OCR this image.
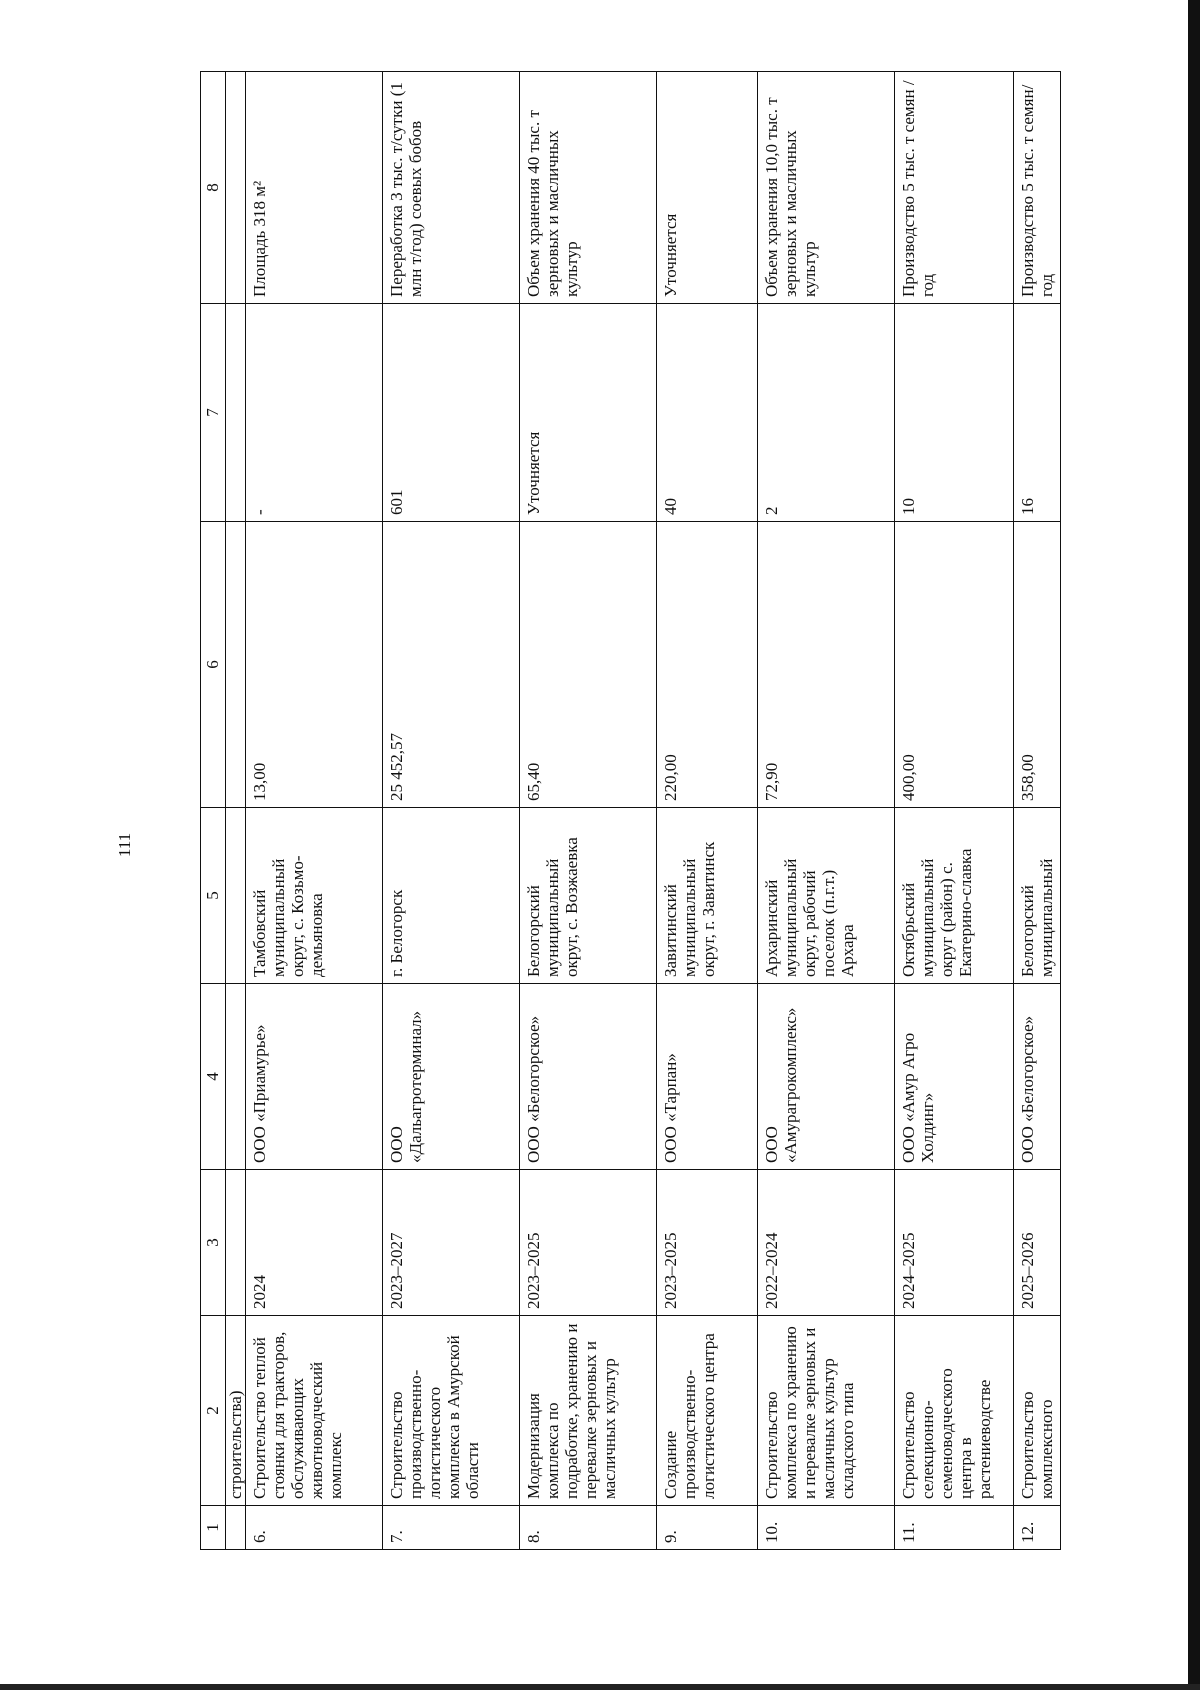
111
1	2	3	4	5	6	7	8
	строительства)						
6.	Строительство теплой стоянки для тракторов, обслуживающих животноводческий комплекс	2024	ООО «Приамурье»	Тамбовский муниципальный округ, с. Козьмо-демьяновка	13,00	-	Площадь 318 м²
7.	Строительство производственно-логистического комплекса в Амурской области	2023–2027	ООО «Дальагротерминал»	г. Белогорск	25 452,57	601	Переработка 3 тыс. т/сутки (1 млн т/год) соевых бобов
8.	Модернизация комплекса по подработке, хранению и перевалке зерновых и масличных культур	2023–2025	ООО «Белогорское»	Белогорский муниципальный округ, с. Возжаевка	65,40	Уточняется	Объем хранения 40 тыс. т зерновых и масличных культур
9.	Создание производственно-логистического центра	2023–2025	ООО «Тарпан»	Завитинский муниципальный округ, г. Завитинск	220,00	40	Уточняется
10.	Строительство комплекса по хранению и перевалке зерновых и масличных культур складского типа	2022–2024	ООО «Амурагрокомплекс»	Архаринский муниципальный округ, рабочий поселок (п.г.т.) Архара	72,90	2	Объем хранения 10,0 тыс. т зерновых и масличных культур
11.	Строительство селекционно-семеноводческого центра в растениеводстве	2024–2025	ООО «Амур Агро Холдинг»	Октябрьский муниципальный округ (район) с. Екатерино-славка	400,00	10	Производство 5 тыс. т семян /год
12.	Строительство комплексного	2025–2026	ООО «Белогорское»	Белогорский муниципальный	358,00	16	Производство 5 тыс. т семян/год
